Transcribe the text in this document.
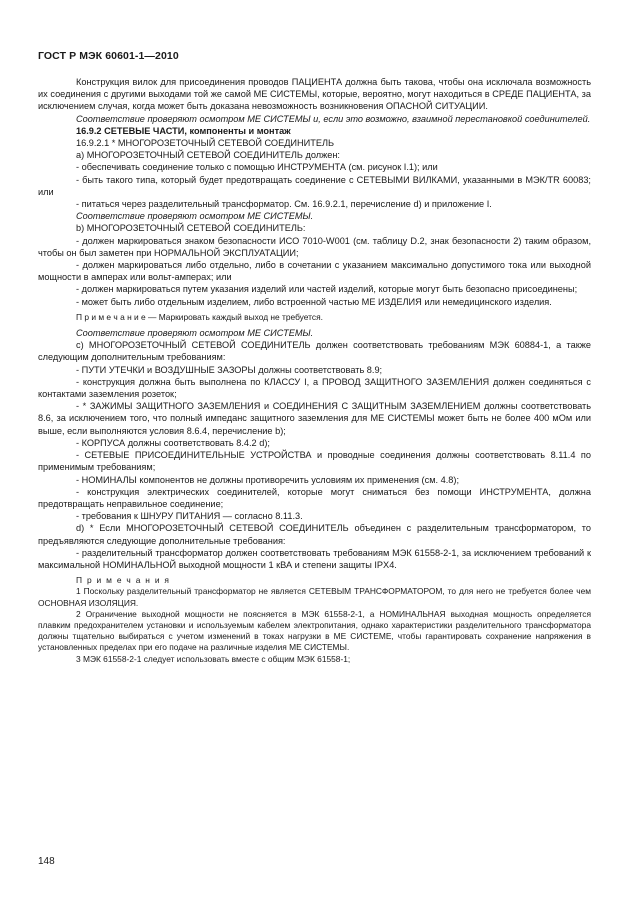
ГОСТ Р МЭК 60601-1—2010

Конструкция вилок для присоединения проводов ПАЦИЕНТА должна быть такова, чтобы она исключала возможность их соединения с другими выходами той же самой МЕ СИСТЕМЫ, которые, вероятно, могут находиться в СРЕДЕ ПАЦИЕНТА, за исключением случая, когда может быть доказана невозможность возникновения ОПАСНОЙ СИТУАЦИИ.

Соответствие проверяют осмотром МЕ СИСТЕМЫ и, если это возможно, взаимной перестановкой соединителей.

16.9.2 СЕТЕВЫЕ ЧАСТИ, компоненты и монтаж

16.9.2.1 * МНОГОРОЗЕТОЧНЫЙ СЕТЕВОЙ СОЕДИНИТЕЛЬ

a) МНОГОРОЗЕТОЧНЫЙ СЕТЕВОЙ СОЕДИНИТЕЛЬ должен:

- обеспечивать соединение только с помощью ИНСТРУМЕНТА (см. рисунок I.1); или

- быть такого типа, который будет предотвращать соединение с СЕТЕВЫМИ ВИЛКАМИ, указанными в МЭК/TR 60083; или

- питаться через разделительный трансформатор. См. 16.9.2.1, перечисление d) и приложение I.

Соответствие проверяют осмотром МЕ СИСТЕМЫ.

b) МНОГОРОЗЕТОЧНЫЙ СЕТЕВОЙ СОЕДИНИТЕЛЬ:

- должен маркироваться знаком безопасности ИСО 7010-W001 (см. таблицу D.2, знак безопасности 2) таким образом, чтобы он был заметен при НОРМАЛЬНОЙ ЭКСПЛУАТАЦИИ;

- должен маркироваться либо отдельно, либо в сочетании с указанием максимально допустимого тока или выходной мощности в амперах или вольт-амперах; или

- должен маркироваться путем указания изделий или частей изделий, которые могут быть безопасно присоединены;

- может быть либо отдельным изделием, либо встроенной частью МЕ ИЗДЕЛИЯ или немедицинского изделия.

П р и м е ч а н и е — Маркировать каждый выход не требуется.

Соответствие проверяют осмотром МЕ СИСТЕМЫ.

c) МНОГОРОЗЕТОЧНЫЙ СЕТЕВОЙ СОЕДИНИТЕЛЬ должен соответствовать требованиям МЭК 60884-1, а также следующим дополнительным требованиям:

- ПУТИ УТЕЧКИ и ВОЗДУШНЫЕ ЗАЗОРЫ должны соответствовать 8.9;

- конструкция должна быть выполнена по КЛАССУ I, а ПРОВОД ЗАЩИТНОГО ЗАЗЕМЛЕНИЯ должен соединяться с контактами заземления розеток;

- * ЗАЖИМЫ ЗАЩИТНОГО ЗАЗЕМЛЕНИЯ и СОЕДИНЕНИЯ С ЗАЩИТНЫМ ЗАЗЕМЛЕНИЕМ должны соответствовать 8.6, за исключением того, что полный импеданс защитного заземления для МЕ СИСТЕМЫ может быть не более 400 мОм или выше, если выполняются условия 8.6.4, перечисление b);

- КОРПУСА должны соответствовать 8.4.2 d);

- СЕТЕВЫЕ ПРИСОЕДИНИТЕЛЬНЫЕ УСТРОЙСТВА и проводные соединения должны соответствовать 8.11.4 по применимым требованиям;

- НОМИНАЛЫ компонентов не должны противоречить условиям их применения (см. 4.8);

- конструкция электрических соединителей, которые могут сниматься без помощи ИНСТРУМЕНТА, должна предотвращать неправильное соединение;

- требования к ШНУРУ ПИТАНИЯ — согласно 8.11.3.

d) * Если МНОГОРОЗЕТОЧНЫЙ СЕТЕВОЙ СОЕДИНИТЕЛЬ объединен с разделительным трансформатором, то предъявляются следующие дополнительные требования:

- разделительный трансформатор должен соответствовать требованиям МЭК 61558-2-1, за исключением требований к максимальной НОМИНАЛЬНОЙ выходной мощности 1 кВА и степени защиты IPX4.

П р и м е ч а н и я

1 Поскольку разделительный трансформатор не является СЕТЕВЫМ ТРАНСФОРМАТОРОМ, то для него не требуется более чем ОСНОВНАЯ ИЗОЛЯЦИЯ.

2 Ограничение выходной мощности не поясняется в МЭК 61558-2-1, а НОМИНАЛЬНАЯ выходная мощность определяется плавким предохранителем установки и используемым кабелем электропитания, однако характеристики разделительного трансформатора должны тщательно выбираться с учетом изменений в токах нагрузки в МЕ СИСТЕМЕ, чтобы гарантировать сохранение напряжения в установленных пределах при его подаче на различные изделия МЕ СИСТЕМЫ.

3 МЭК 61558-2-1 следует использовать вместе с общим МЭК 61558-1;

148
